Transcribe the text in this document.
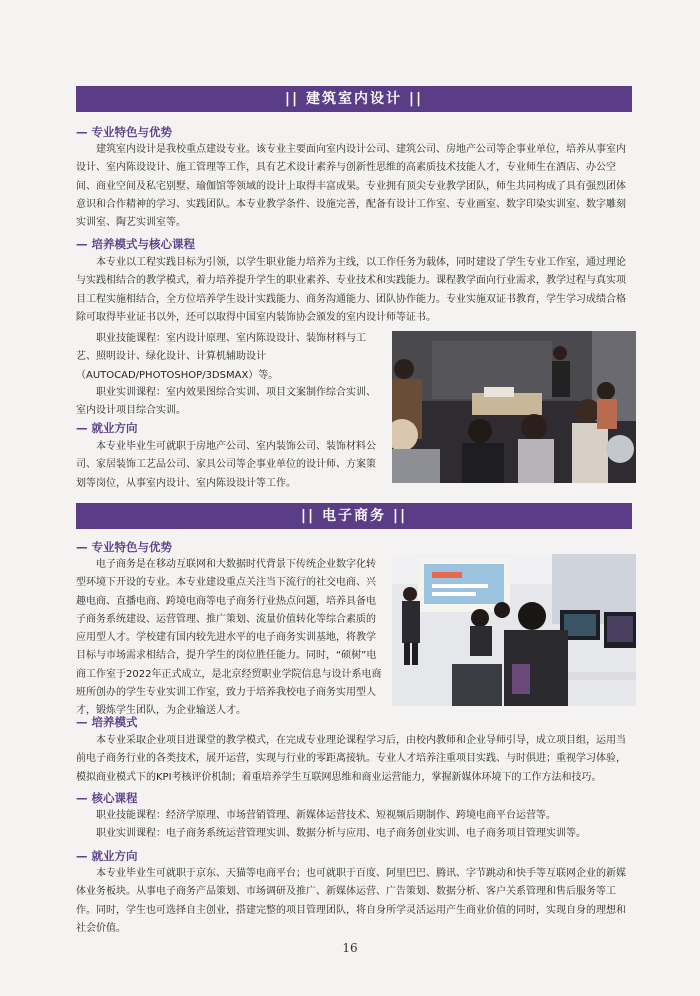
|| 建筑室内设计 ||
— 专业特色与优势

建筑室内设计是我校重点建设专业。该专业主要面向室内设计公司、建筑公司、房地产公司等企事业单位，培养从事室内设计、室内陈设设计、施工管理等工作，具有艺术设计素养与创新性思维的高素质技术技能人才，专业师生在酒店、办公空间、商业空间及私宅别墅、瑜伽馆等领域的设计上取得丰富成果。专业拥有顶尖专业教学团队，师生共同构成了具有强烈团体意识和合作精神的学习、实践团队。本专业教学条件、设施完善，配备有设计工作室、专业画室、数字印染实训室、数字雕刻实训室、陶艺实训室等。

— 培养模式与核心课程

本专业以工程实践目标为引领，以学生职业能力培养为主线，以工作任务为载体，同时建设了学生专业工作室，通过理论与实践相结合的教学模式，着力培养提升学生的职业素养、专业技术和实践能力。课程教学面向行业需求，教学过程与真实项目工程实施相结合，全方位培养学生设计实践能力、商务沟通能力、团队协作能力。专业实施双证书教育，学生学习成绩合格除可取得毕业证书以外，还可以取得中国室内装饰协会颁发的室内设计师等证书。

职业技能课程：室内设计原理、室内陈设设计、装饰材料与工艺、照明设计、绿化设计、计算机辅助设计（AUTOCAD/PHOTOSHOP/3DSMAX）等。

职业实训课程：室内效果图综合实训、项目文案制作综合实训、室内设计项目综合实训。

— 就业方向

本专业毕业生可就职于房地产公司、室内装饰公司、装饰材料公司、家居装饰工艺品公司、家具公司等企事业单位的设计师、方案策划等岗位，从事室内设计、室内陈设设计等工作。

|| 电子商务 ||
— 专业特色与优势

电子商务是在移动互联网和大数据时代背景下传统企业数字化转型环境下开设的专业。本专业建设重点关注当下流行的社交电商、兴趣电商、直播电商、跨境电商等电子商务行业热点问题，培养具备电子商务系统建设、运营管理、推广策划、流量价值转化等综合素质的应用型人才。学校建有国内较先进水平的电子商务实训基地，将教学目标与市场需求相结合，提升学生的岗位胜任能力。同时，“硕树”电商工作室于2022年正式成立，是北京经贸职业学院信息与设计系电商班所创办的学生专业实训工作室，致力于培养我校电子商务实用型人才，锻炼学生团队，为企业输送人才。

— 培养模式

本专业采取企业项目进课堂的教学模式，在完成专业理论课程学习后，由校内教师和企业导师引导，成立项目组，运用当前电子商务行业的各类技术，展开运营，实现与行业的零距离接轨。专业人才培养注重项目实践、与时俱进；重视学习体验，模拟商业模式下的KPI考核评价机制；着重培养学生互联网思维和商业运营能力，掌握新媒体环境下的工作方法和技巧。

— 核心课程

职业技能课程：经济学原理、市场营销管理、新媒体运营技术、短视频后期制作、跨境电商平台运营等。

职业实训课程：电子商务系统运营管理实训、数据分析与应用、电子商务创业实训、电子商务项目管理实训等。

— 就业方向

本专业毕业生可就职于京东、天猫等电商平台；也可就职于百度、阿里巴巴、腾讯、字节跳动和快手等互联网企业的新媒体业务板块。从事电子商务产品策划、市场调研及推广、新媒体运营、广告策划、数据分析、客户关系管理和售后服务等工作。同时，学生也可选择自主创业，搭建完整的项目管理团队，将自身所学灵活运用产生商业价值的同时，实现自身的理想和社会价值。

16
